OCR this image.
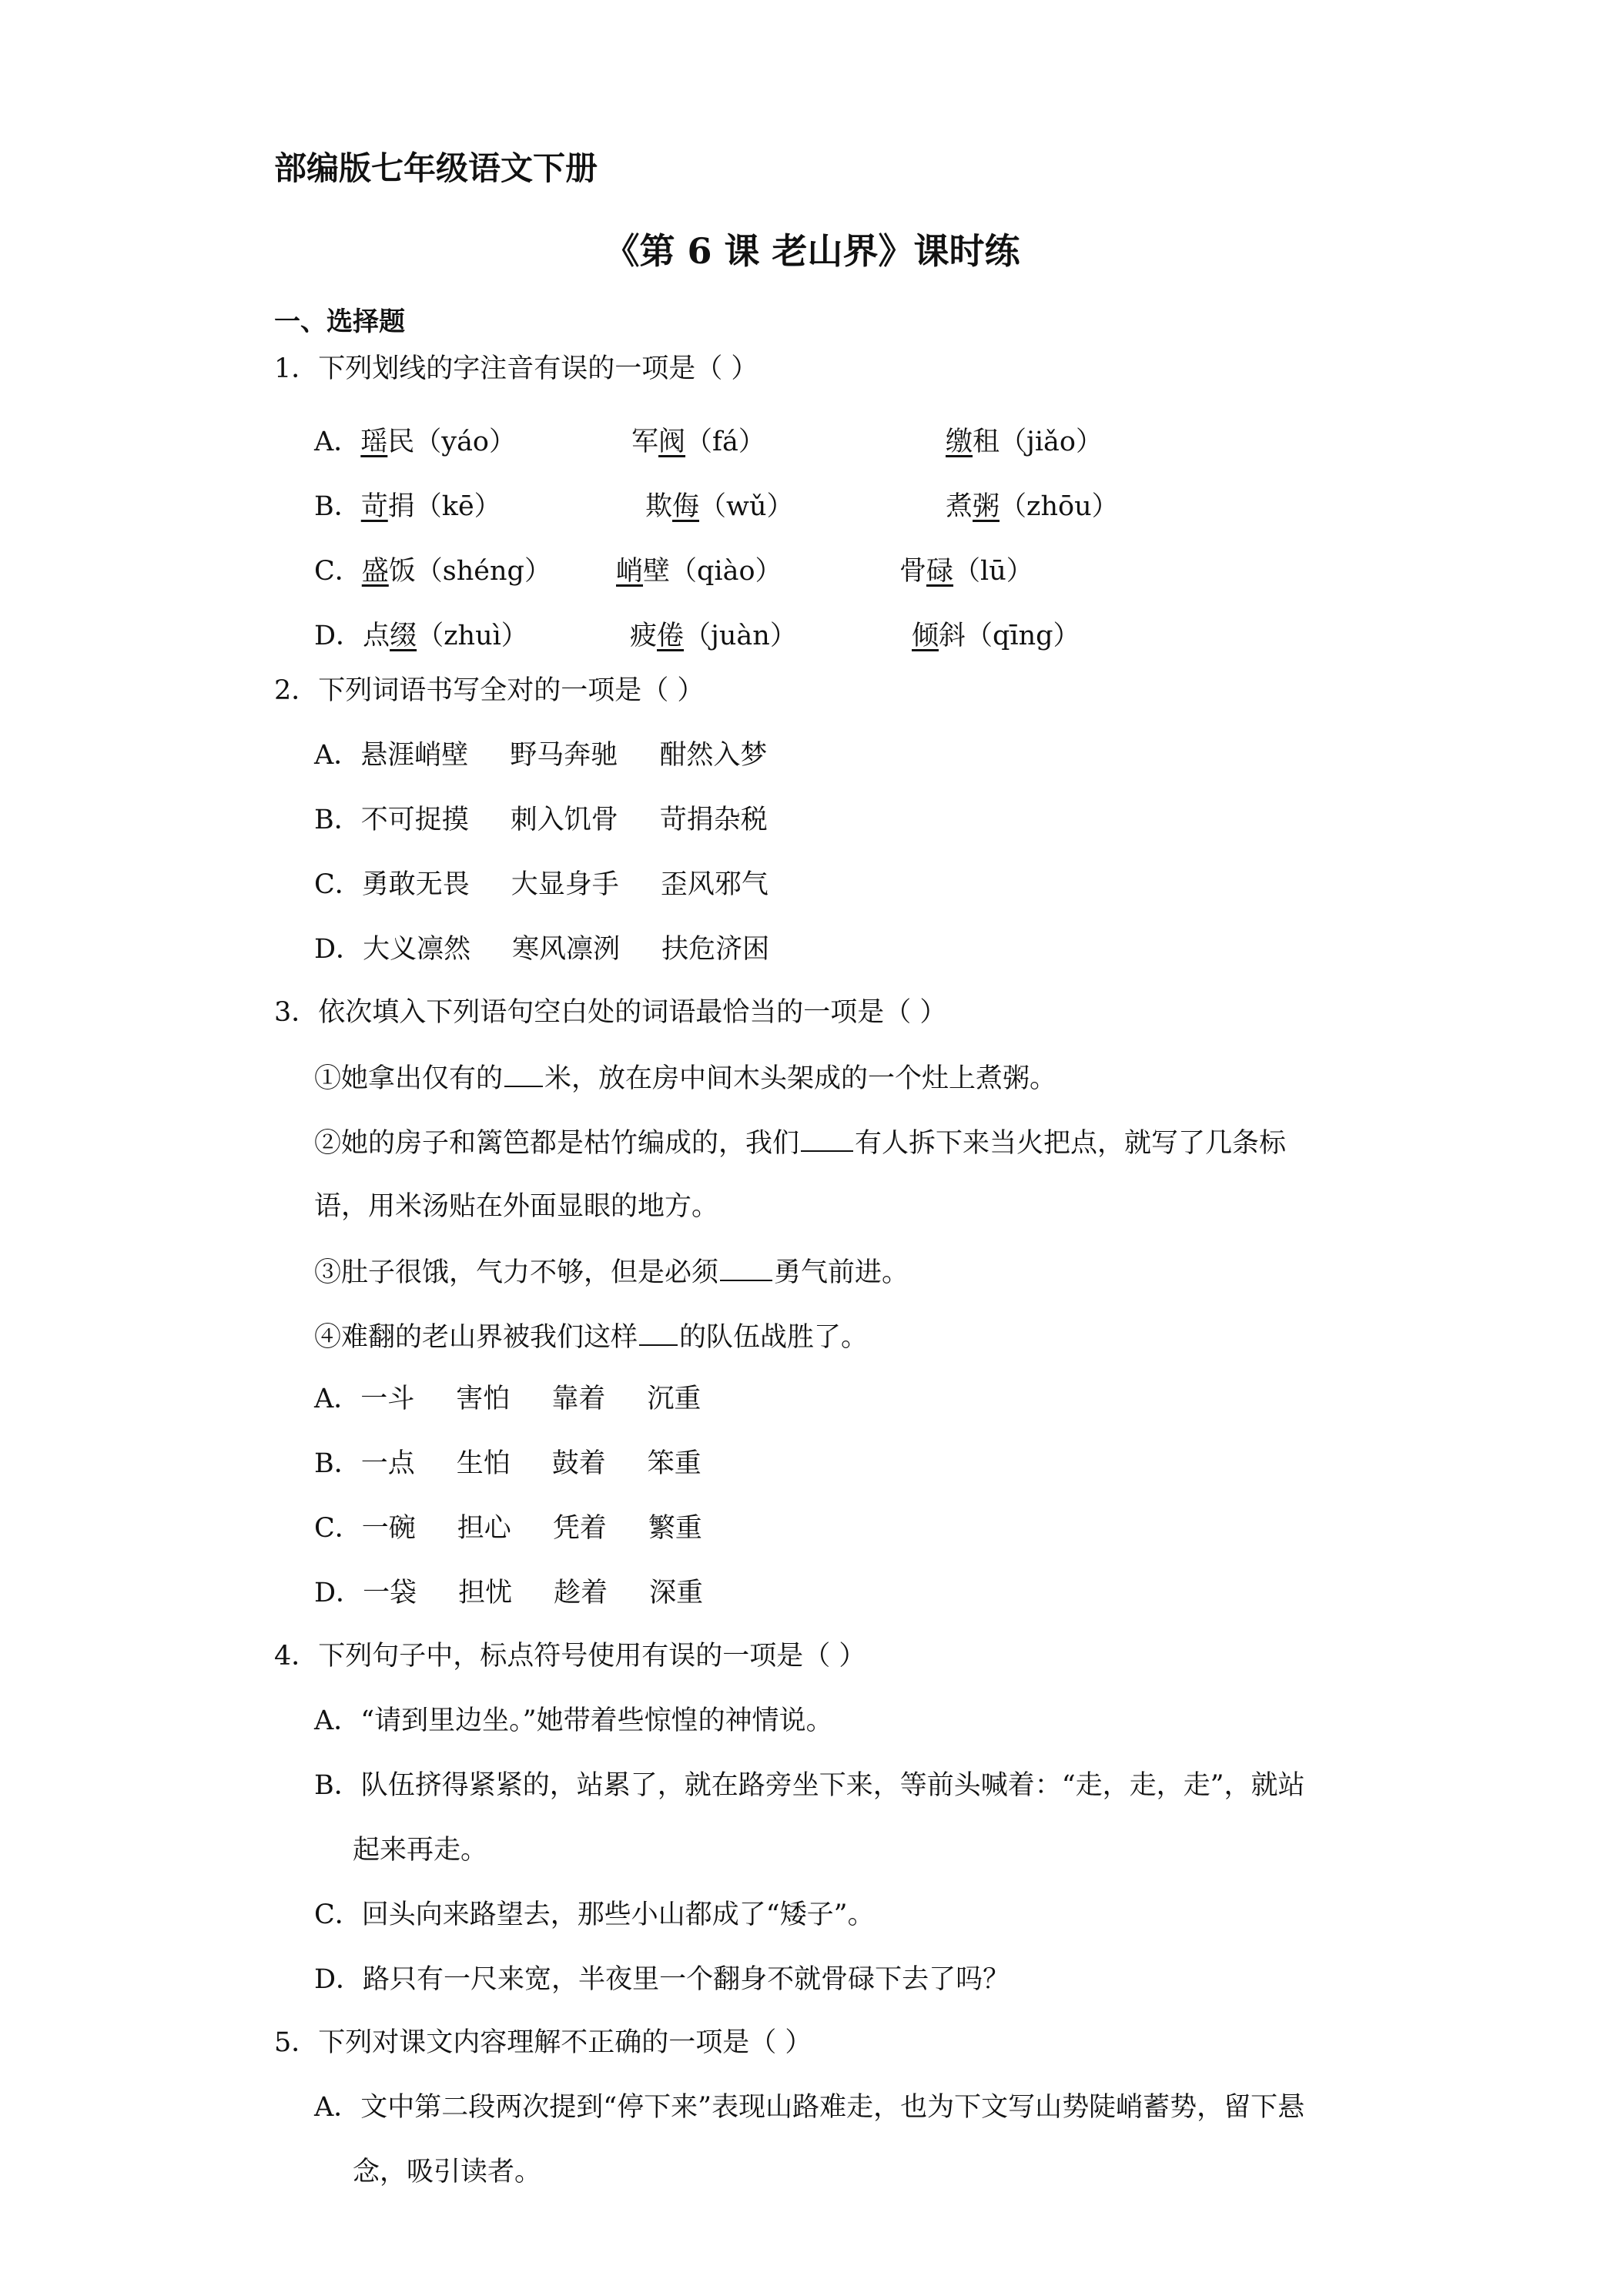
部编版七年级语文下册
《第 6 课 老山界》课时练
一、选择题
1．下列划线的字注音有误的一项是（ ）
A．瑶民（yáo）	军阀（fá）	缴租（jiǎo）
B．苛捐（kē）	欺侮（wǔ）	煮粥（zhōu）
C．盛饭（shéng） 峭壁（qiào）	骨碌（lū）
D．点缀（zhuì）	疲倦（juàn）	倾斜（qīng）
2．下列词语书写全对的一项是（ ）
A．悬涯峭壁 野马奔驰 酣然入梦
B．不可捉摸 刺入饥骨 苛捐杂税
C．勇敢无畏 大显身手 歪风邪气
D．大义凛然 寒风凛洌 扶危济困
3．依次填入下列语句空白处的词语最恰当的一项是（ ）
①她拿出仅有的 米，放在房中间木头架成的一个灶上煮粥。
②她的房子和篱笆都是枯竹编成的，我们 有人拆下来当火把点，就写了几条标
语，用米汤贴在外面显眼的地方。
③肚子很饿，气力不够，但是必须 勇气前进。
④难翻的老山界被我们这样 的队伍战胜了。
A．一斗 害怕 靠着 沉重
B．一点 生怕 鼓着 笨重
C．一碗 担心 凭着 繁重
D．一袋 担忧 趁着 深重
4．下列句子中，标点符号使用有误的一项是（ ）
A．“请到里边坐。”她带着些惊惶的神情说。
B．队伍挤得紧紧的，站累了，就在路旁坐下来，等前头喊着：“走，走，走”，就站
起来再走。
C．回头向来路望去，那些小山都成了“矮子”。
D．路只有一尺来宽，半夜里一个翻身不就骨碌下去了吗？
5．下列对课文内容理解不正确的一项是（ ）
A．文中第二段两次提到“停下来”表现山路难走，也为下文写山势陡峭蓄势，留下悬
念，吸引读者。
